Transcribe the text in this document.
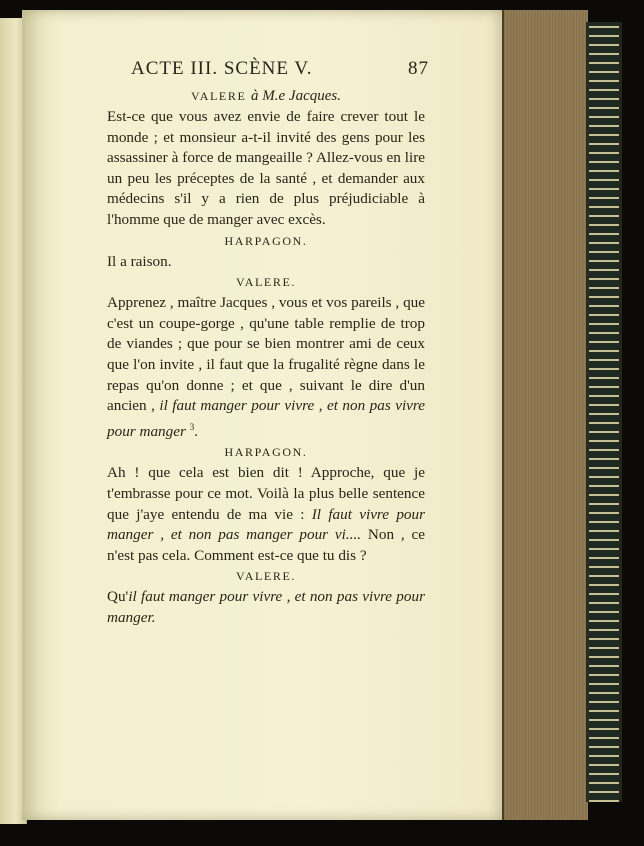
ACTE III. SCÈNE V.	87
VALERE à M.e Jacques.

Est-ce que vous avez envie de faire crever tout le monde ; et monsieur a-t-il invité des gens pour les assassiner à force de mangeaille ? Allez-vous en lire un peu les préceptes de la santé , et demander aux médecins s'il y a rien de plus préjudiciable à l'homme que de manger avec excès.

HARPAGON.

Il a raison.

VALERE.

Apprenez , maître Jacques , vous et vos pareils , que c'est un coupe-gorge , qu'une table remplie de trop de viandes ; que pour se bien montrer ami de ceux que l'on invite , il faut que la frugalité règne dans le repas qu'on donne ; et que , suivant le dire d'un ancien , il faut manger pour vivre , et non pas vivre pour manger $^3$.

HARPAGON.

Ah ! que cela est bien dit ! Approche, que je t'embrasse pour ce mot. Voilà la plus belle sentence que j'aye entendu de ma vie : Il faut vivre pour manger , et non pas manger pour vi.... Non , ce n'est pas cela. Comment est-ce que tu dis ?

VALERE.

Qu'il faut manger pour vivre , et non pas vivre pour manger.
